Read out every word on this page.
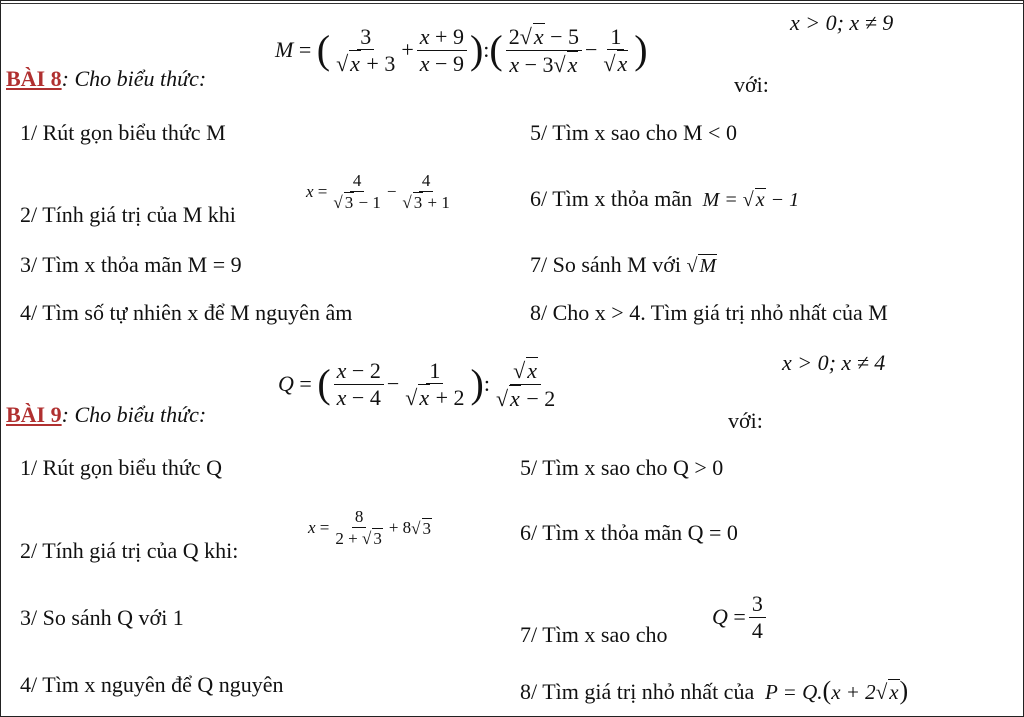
BÀI 8: Cho biểu thức:
M = ( $\frac{3}{√x + 3} + \frac{x + 9}{x - 9}$ ) : ( $\frac{2√x - 5}{x - 3√x} - \frac{1}{√x}$ )
với:
x > 0; x ≠ 9
1/ Rút gọn biểu thức M
2/ Tính giá trị của M khi
$x = \frac{4}{√ 3 - 1} - \frac{4}{√ 3 + 1}$
3/ Tìm x thỏa mãn M = 9
4/ Tìm số tự nhiên x để M nguyên âm
5/ Tìm x sao cho M < 0
6/ Tìm x thỏa mãn  M = √ x − 1
7/ So sánh M với √ M
8/ Cho x > 4. Tìm giá trị nhỏ nhất của M
BÀI 9: Cho biểu thức:
Q = ( $\frac{x - 2}{x - 4} - \frac{1}{√x + 2}$ ) : $\frac{√x}{√x - 2}$
với:
x > 0; x ≠ 4
1/ Rút gọn biểu thức Q
2/ Tính giá trị của Q khi:
$x = \frac{8}{2 + √ 3} + 8$ √ 3
3/ So sánh Q với 1
4/ Tìm x nguyên để Q nguyên
5/ Tìm x sao cho Q > 0
6/ Tìm x thỏa mãn Q = 0
7/ Tìm x sao cho
$Q = \frac{3}{4}$
8/ Tìm giá trị nhỏ nhất của  P = Q.(x + 2√x)
